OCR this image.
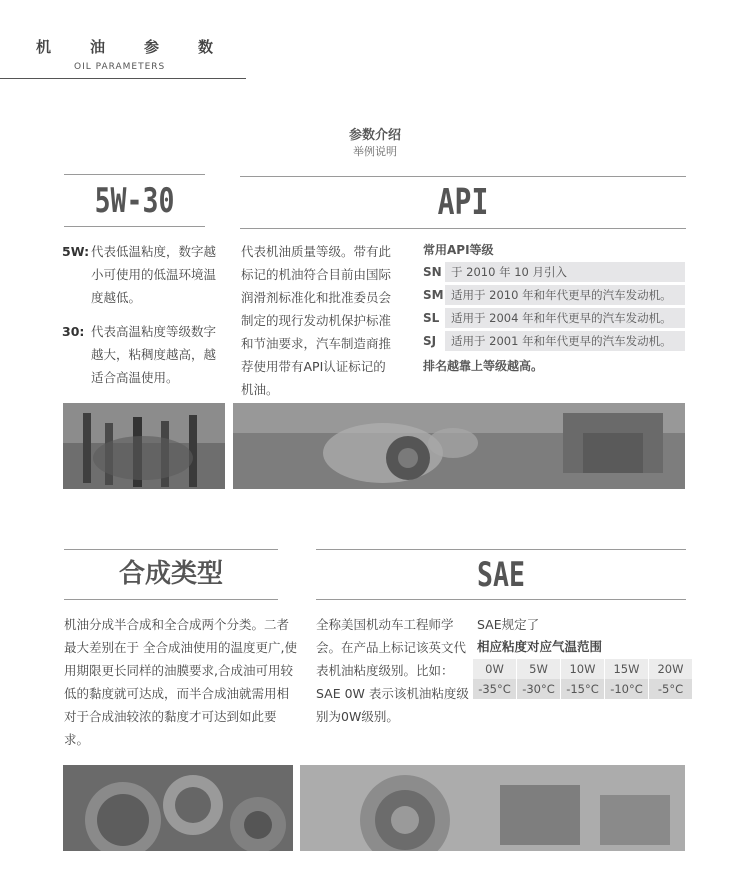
机	油	参	数
OIL PARAMETERS
参数介绍
举例说明
5W-30
5W: 代表低温粘度，数字越小可使用的低温环境温度越低。
30: 代表高温粘度等级数字越大，粘稠度越高，越适合高温使用。
API
代表机油质量等级。带有此标记的机油符合目前由国际润滑剂标准化和批准委员会制定的现行发动机保护标准和节油要求，汽车制造商推荐使用带有API认证标记的机油。
常用API等级
SN 于 2010 年 10 月引入
SM 适用于 2010 年和年代更早的汽车发动机。
SL	适用于 2004 年和年代更早的汽车发动机。
SJ	适用于 2001 年和年代更早的汽车发动机。
排名越靠上等级越高。
合成类型
机油分成半合成和全合成两个分类。二者最大差别在于 全合成油使用的温度更广,使用期限更长同样的油膜要求,合成油可用较低的黏度就可达成，而半合成油就需用相对于合成油较浓的黏度才可达到如此要求。
SAE
全称美国机动车工程师学会。在产品上标记该英文代表机油粘度级别。比如：SAE 0W 表示该机油粘度级别为0W级别。
SAE规定了
相应粘度对应气温范围
0W	5W	10W	15W	20W
-35°C	-30°C	-15°C	-10°C	-5°C
